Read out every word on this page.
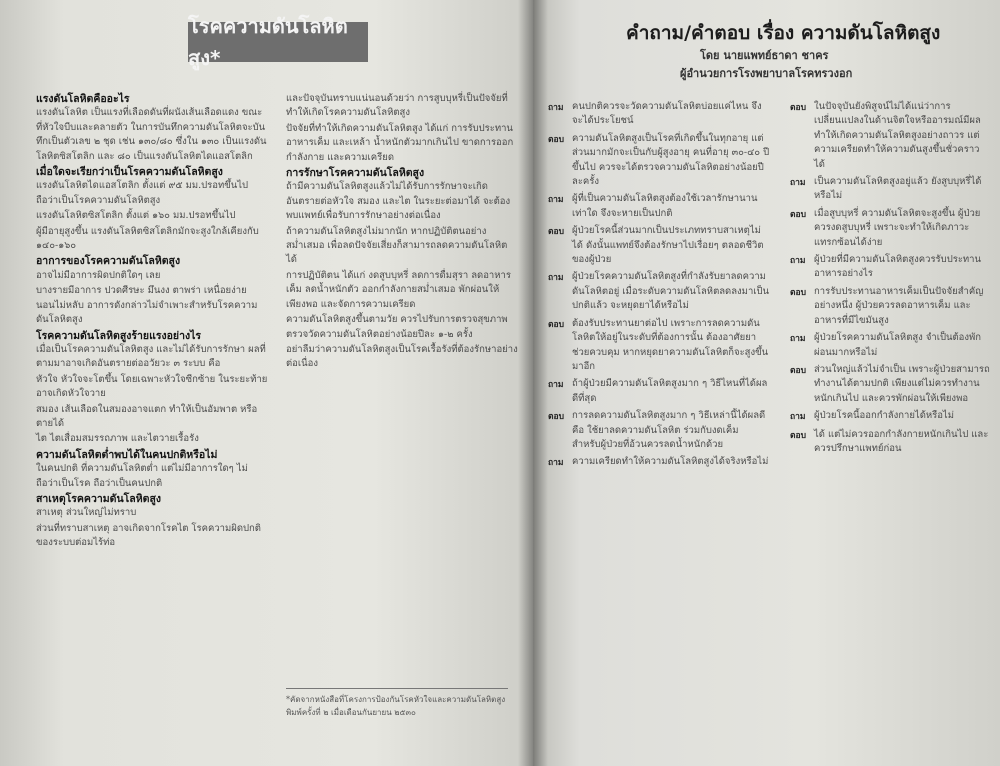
โรคความดันโลหิตสูง*
แรงดันโลหิตคืออะไร
แรงดันโลหิต เป็นแรงที่เลือดดันที่ผนังเส้นเลือดแดง ขณะที่หัวใจบีบและคลายตัว ในการบันทึกความดันโลหิตจะบันทึกเป็นตัวเลข ๒ ชุด เช่น ๑๓๐/๘๐ ซึ่งใน ๑๓๐ เป็นแรงดันโลหิตซิสโตลิก และ ๘๐ เป็นแรงดันโลหิตไดแอสโตลิก
เมื่อใดจะเรียกว่าเป็นโรคความดันโลหิตสูง
แรงดันโลหิตไดแอสโตลิก ตั้งแต่ ๙๕ มม.ปรอทขึ้นไป ถือว่าเป็นโรคความดันโลหิตสูง
แรงดันโลหิตซิสโตลิก ตั้งแต่ ๑๖๐ มม.ปรอทขึ้นไป
ผู้มีอายุสูงขึ้น แรงดันโลหิตซิสโตลิกมักจะสูงใกล้เคียงกับ ๑๔๐-๑๖๐
อาการของโรคความดันโลหิตสูง
อาจไม่มีอาการผิดปกติใดๆ เลย
บางรายมีอาการ ปวดศีรษะ มึนงง ตาพร่า เหนื่อยง่าย นอนไม่หลับ อาการดังกล่าวไม่จำเพาะสำหรับโรคความดันโลหิตสูง
โรคความดันโลหิตสูงร้ายแรงอย่างไร
เมื่อเป็นโรคความดันโลหิตสูง และไม่ได้รับการรักษา ผลที่ตามมาอาจเกิดอันตรายต่ออวัยวะ ๓ ระบบ คือ
หัวใจ หัวใจจะโตขึ้น โดยเฉพาะหัวใจซีกซ้าย ในระยะท้ายอาจเกิดหัวใจวาย
สมอง เส้นเลือดในสมองอาจแตก ทำให้เป็นอัมพาต หรือตายได้
ไต ไตเสื่อมสมรรถภาพ และไตวายเรื้อรัง
ความดันโลหิตต่ำพบได้ในคนปกติหรือไม่
ในคนปกติ ที่ความดันโลหิตต่ำ แต่ไม่มีอาการใดๆ ไม่ถือว่าเป็นโรค ถือว่าเป็นคนปกติ
สาเหตุโรคความดันโลหิตสูง
สาเหตุ ส่วนใหญ่ไม่ทราบ
ส่วนที่ทราบสาเหตุ อาจเกิดจากโรคไต โรคความผิดปกติของระบบต่อมไร้ท่อ
และปัจจุบันทราบแน่นอนด้วยว่า การสูบบุหรี่เป็นปัจจัยที่ทำให้เกิดโรคความดันโลหิตสูง
ปัจจัยที่ทำให้เกิดความดันโลหิตสูง ได้แก่ การรับประทานอาหารเค็ม และเหล้า น้ำหนักตัวมากเกินไป ขาดการออกกำลังกาย และความเครียด
การรักษาโรคความดันโลหิตสูง
ถ้ามีความดันโลหิตสูงแล้วไม่ได้รับการรักษาจะเกิดอันตรายต่อหัวใจ สมอง และไต ในระยะต่อมาได้ จะต้องพบแพทย์เพื่อรับการรักษาอย่างต่อเนื่อง
ถ้าความดันโลหิตสูงไม่มากนัก หากปฏิบัติตนอย่างสม่ำเสมอ เพื่อลดปัจจัยเสี่ยงก็สามารถลดความดันโลหิตได้
การปฏิบัติตน ได้แก่ งดสูบบุหรี่ ลดการดื่มสุรา ลดอาหารเค็ม ลดน้ำหนักตัว ออกกำลังกายสม่ำเสมอ พักผ่อนให้เพียงพอ และจัดการความเครียด
ความดันโลหิตสูงขึ้นตามวัย ควรไปรับการตรวจสุขภาพ ตรวจวัดความดันโลหิตอย่างน้อยปีละ ๑-๒ ครั้ง
อย่าลืมว่าความดันโลหิตสูงเป็นโรคเรื้อรังที่ต้องรักษาอย่างต่อเนื่อง
*คัดจากหนังสือที่โครงการป้องกันโรคหัวใจและความดันโลหิตสูง พิมพ์ครั้งที่ ๒ เมื่อเดือนกันยายน ๒๕๓๐
คำถาม/คำตอบ เรื่อง ความดันโลหิตสูง
โดย นายแพทย์ธาดา ชาคร
ผู้อำนวยการโรงพยาบาลโรคทรวงอก
ถาม คนปกติควรจะวัดความดันโลหิตบ่อยแค่ไหน จึงจะได้ประโยชน์
ตอบ ความดันโลหิตสูงเป็นโรคที่เกิดขึ้นในทุกอายุ แต่ส่วนมากมักจะเป็นกับผู้สูงอายุ คนที่อายุ ๓๐-๔๐ ปีขึ้นไป ควรจะได้ตรวจความดันโลหิตอย่างน้อยปีละครั้ง
ถาม ผู้ที่เป็นความดันโลหิตสูงต้องใช้เวลารักษานานเท่าใด จึงจะหายเป็นปกติ
ตอบ ผู้ป่วยโรคนี้ส่วนมากเป็นประเภททราบสาเหตุไม่ได้ ดังนั้นแพทย์จึงต้องรักษาไปเรื่อยๆ ตลอดชีวิตของผู้ป่วย
ถาม ผู้ป่วยโรคความดันโลหิตสูงที่กำลังรับยาลดความดันโลหิตอยู่ เมื่อระดับความดันโลหิตลดลงมาเป็นปกติแล้ว จะหยุดยาได้หรือไม่
ตอบ ต้องรับประทานยาต่อไป เพราะการลดความดันโลหิตให้อยู่ในระดับที่ต้องการนั้น ต้องอาศัยยาช่วยควบคุม หากหยุดยาความดันโลหิตก็จะสูงขึ้นมาอีก
ถาม ถ้าผู้ป่วยมีความดันโลหิตสูงมาก ๆ วิธีไหนที่ได้ผลดีที่สุด
ตอบ การลดความดันโลหิตสูงมาก ๆ วิธีเหล่านี้ได้ผลดี คือ ใช้ยาลดความดันโลหิต ร่วมกับงดเค็ม สำหรับผู้ป่วยที่อ้วนควรลดน้ำหนักด้วย
ถาม ความเครียดทำให้ความดันโลหิตสูงได้จริงหรือไม่
ตอบ ในปัจจุบันยังพิสูจน์ไม่ได้แน่ว่าการเปลี่ยนแปลงในด้านจิตใจหรืออารมณ์มีผลทำให้เกิดความดันโลหิตสูงอย่างถาวร แต่ความเครียดทำให้ความดันสูงขึ้นชั่วคราวได้
ถาม เป็นความดันโลหิตสูงอยู่แล้ว ยังสูบบุหรี่ได้หรือไม่
ตอบ เมื่อสูบบุหรี่ ความดันโลหิตจะสูงขึ้น ผู้ป่วยควรงดสูบบุหรี่ เพราะจะทำให้เกิดภาวะแทรกซ้อนได้ง่าย
ถาม ผู้ป่วยที่มีความดันโลหิตสูงควรรับประทานอาหารอย่างไร
ตอบ การรับประทานอาหารเค็มเป็นปัจจัยสำคัญอย่างหนึ่ง ผู้ป่วยควรลดอาหารเค็ม และอาหารที่มีไขมันสูง
ถาม ผู้ป่วยโรคความดันโลหิตสูง จำเป็นต้องพักผ่อนมากหรือไม่
ตอบ ส่วนใหญ่แล้วไม่จำเป็น เพราะผู้ป่วยสามารถทำงานได้ตามปกติ เพียงแต่ไม่ควรทำงานหนักเกินไป และควรพักผ่อนให้เพียงพอ
ถาม ผู้ป่วยโรคนี้ออกกำลังกายได้หรือไม่
ตอบ ได้ แต่ไม่ควรออกกำลังกายหนักเกินไป และควรปรึกษาแพทย์ก่อน
